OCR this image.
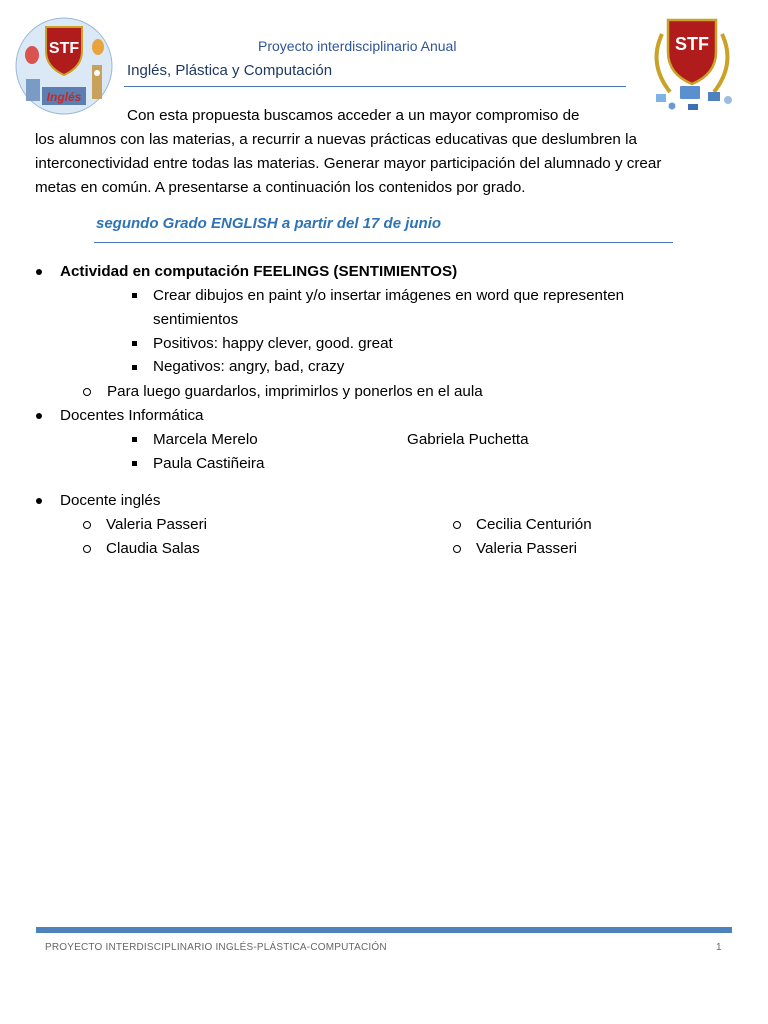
STF
Inglés
STF
Proyecto interdisciplinario Anual
Inglés, Plástica y Computación
Con esta propuesta buscamos acceder a un mayor compromiso de
los alumnos con las materias, a recurrir a nuevas prácticas educativas que deslumbren la
interconectividad entre todas las materias. Generar mayor participación del alumnado y crear
metas en común. A presentarse a continuación los contenidos por grado.
segundo Grado ENGLISH a partir del 17 de junio
Actividad en computación FEELINGS (SENTIMIENTOS)
Crear dibujos en paint y/o insertar imágenes en word que representen
sentimientos
Positivos: happy clever, good. great
Negativos: angry, bad, crazy
Para luego guardarlos, imprimirlos y ponerlos en el aula
Docentes Informática
Marcela Merelo	Gabriela Puchetta
Paula Castiñeira
Docente inglés
Valeria Passeri	Cecilia Centurión
Claudia Salas	Valeria Passeri
PROYECTO INTERDISCIPLINARIO INGLÉS-PLÁSTICA-COMPUTACIÓN	1
